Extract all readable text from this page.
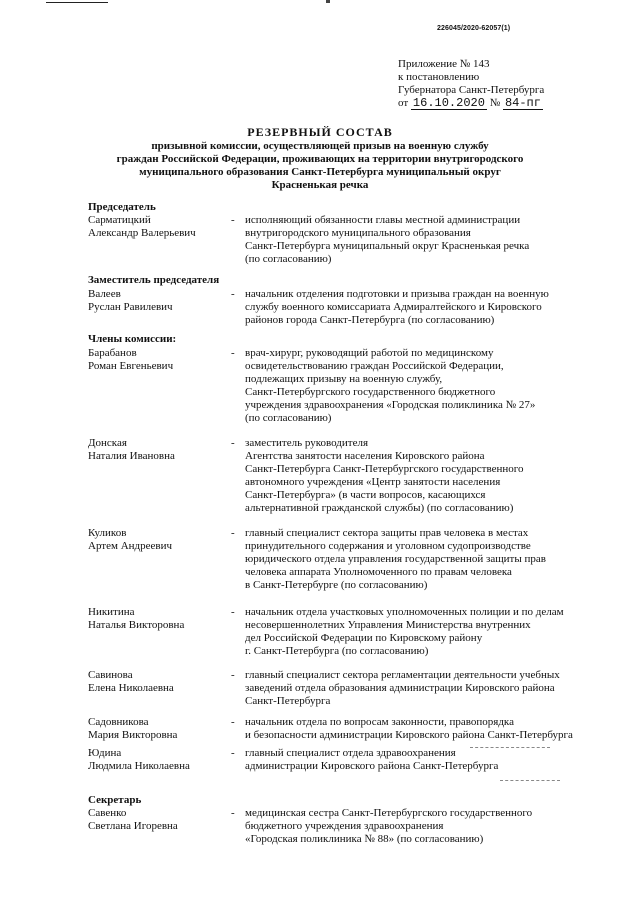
226045/2020-62057(1)
Приложение № 143
к постановлению
Губернатора Санкт-Петербурга
от 16.10.2020 № 84-пг
РЕЗЕРВНЫЙ СОСТАВ
призывной комиссии, осуществляющей призыв на военную службу
граждан Российской Федерации, проживающих на территории внутригородского
муниципального образования Санкт-Петербурга муниципальный округ
Красненькая речка
Председатель
Сарматицкий
Александр Валерьевич
- исполняющий обязанности главы местной администрации
внутригородского муниципального образования
Санкт-Петербурга муниципальный округ Красненькая речка
(по согласованию)
Заместитель председателя
Валеев
Руслан Равилевич
- начальник отделения подготовки и призыва граждан на военную
службу военного комиссариата Адмиралтейского и Кировского
районов города Санкт-Петербурга (по согласованию)
Члены комиссии:
Барабанов
Роман Евгеньевич
- врач-хирург, руководящий работой по медицинскому
освидетельствованию граждан Российской Федерации,
подлежащих призыву на военную службу,
Санкт-Петербургского государственного бюджетного
учреждения здравоохранения «Городская поликлиника № 27»
(по согласованию)
Донская
Наталия Ивановна
- заместитель руководителя
Агентства занятости населения Кировского района
Санкт-Петербурга Санкт-Петербургского государственного
автономного учреждения «Центр занятости населения
Санкт-Петербурга» (в части вопросов, касающихся
альтернативной гражданской службы) (по согласованию)
Куликов
Артем Андреевич
- главный специалист сектора защиты прав человека в местах
принудительного содержания и уголовном судопроизводстве
юридического отдела управления государственной защиты прав
человека аппарата Уполномоченного по правам человека
в Санкт-Петербурге (по согласованию)
Никитина
Наталья Викторовна
- начальник отдела участковых уполномоченных полиции и по делам
несовершеннолетних Управления Министерства внутренних
дел Российской Федерации по Кировскому району
г. Санкт-Петербурга (по согласованию)
Савинова
Елена Николаевна
- главный специалист сектора регламентации деятельности учебных
заведений отдела образования администрации Кировского района
Санкт-Петербурга
Садовникова
Мария Викторовна
- начальник отдела по вопросам законности, правопорядка
и безопасности администрации Кировского района Санкт-Петербурга
Юдина
Людмила Николаевна
- главный специалист отдела здравоохранения
администрации Кировского района Санкт-Петербурга
Секретарь
Савенко
Светлана Игоревна
- медицинская сестра Санкт-Петербургского государственного
бюджетного учреждения здравоохранения
«Городская поликлиника № 88» (по согласованию)
